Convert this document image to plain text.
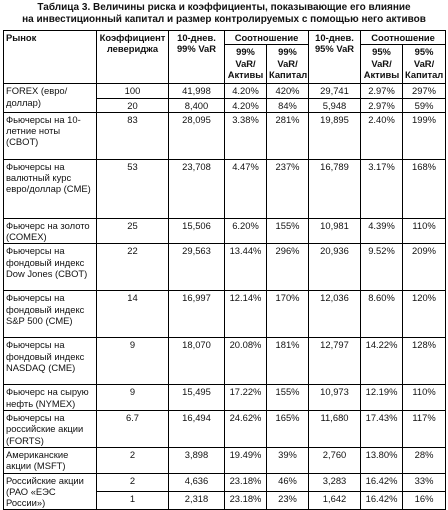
Таблица 3. Величины риска и коэффициенты, показывающие его влияние
на инвестиционный капитал и размер контролируемых с помощью него активов
Рынок	Коэффициент левериджа	10-днев. 99% VaR	Соотношение		10-днев. 95% VaR	Соотношение	
			99% VaR/ Активы	99% VaR/ Капитал		95% VaR/ Активы	95% VaR/ Капитал
FOREX (евро/доллар)	100	41,998	4.20%	420%	29,741	2.97%	297%
	20	8,400	4.20%	84%	5,948	2.97%	59%
Фьючерсы на 10-летние ноты (CBOT)	83	28,095	3.38%	281%	19,895	2.40%	199%
Фьючерсы на валютный курс евро/доллар (CME)	53	23,708	4.47%	237%	16,789	3.17%	168%
Фьючерс на золото (COMEX)	25	15,506	6.20%	155%	10,981	4.39%	110%
Фьючерсы на фондовый индекс Dow Jones (CBOT)	22	29,563	13.44%	296%	20,936	9.52%	209%
Фьючерсы на фондовый индекс S&P 500 (CME)	14	16,997	12.14%	170%	12,036	8.60%	120%
Фьючерсы на фондовый индекс NASDAQ (CME)	9	18,070	20.08%	181%	12,797	14.22%	128%
Фьючерс на сырую нефть (NYMEX)	9	15,495	17.22%	155%	10,973	12.19%	110%
Фьючерсы на российские акции (FORTS)	6.7	16,494	24.62%	165%	11,680	17.43%	117%
Американские акции (MSFT)	2	3,898	19.49%	39%	2,760	13.80%	28%
Российские акции (РАО «ЕЭС России»)	2	4,636	23.18%	46%	3,283	16.42%	33%
	1	2,318	23.18%	23%	1,642	16.42%	16%
